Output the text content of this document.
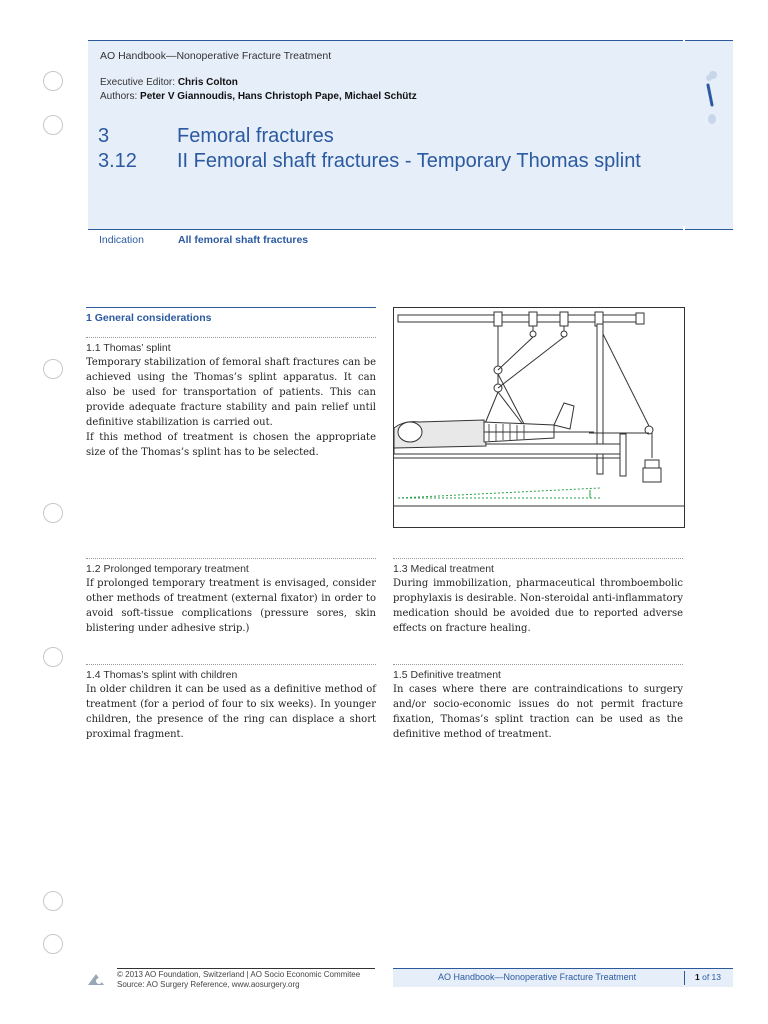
AO Handbook—Nonoperative Fracture Treatment
Executive Editor: Chris Colton
Authors: Peter V Giannoudis, Hans Christoph Pape, Michael Schütz
3	Femoral fractures
3.12 II Femoral shaft fractures - Temporary Thomas splint
Indication	All femoral shaft fractures
1 General considerations
1.1 Thomas’ splint
Temporary stabilization of femoral shaft fractures can be achieved using the Thomas’s splint apparatus. It can also be used for transportation of patients. This can provide adequate fracture stability and pain relief until definitive stabilization is carried out.
If this method of treatment is chosen the appropriate size of the Thomas’s splint has to be selected.
1.2 Prolonged temporary treatment
If prolonged temporary treatment is envisaged, consider other methods of treatment (external fixator) in order to avoid soft-tissue complications (pressure sores, skin blistering under adhesive strip.)
1.3 Medical treatment
During immobilization, pharmaceutical thromboembolic prophylaxis is desirable. Non-steroidal anti-inflammatory medication should be avoided due to reported adverse effects on fracture healing.
1.4 Thomas’s splint with children
In older children it can be used as a definitive method of treatment (for a period of four to six weeks). In younger children, the presence of the ring can displace a short proximal fragment.
1.5 Definitive treatment
In cases where there are contraindications to surgery and/or socio-economic issues do not permit fracture fixation, Thomas’s splint traction can be used as the definitive method of treatment.
© 2013 AO Foundation, Switzerland | AO Socio Economic Commitee
Source: AO Surgery Reference, www.aosurgery.org
AO Handbook—Nonoperative Fracture Treatment	1 of 13
